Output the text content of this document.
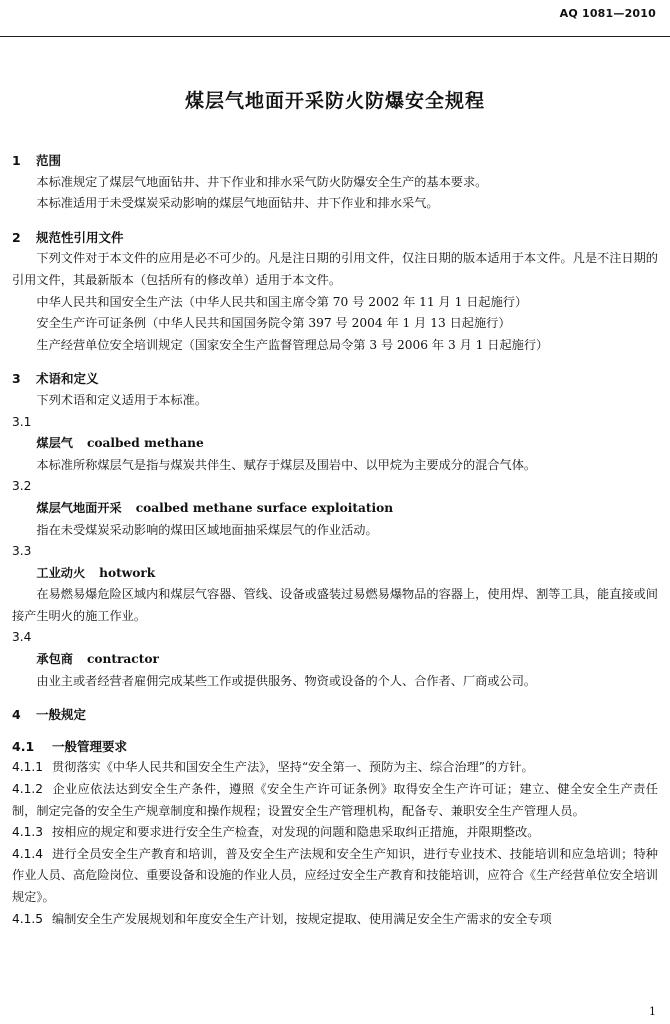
AQ 1081—2010
煤层气地面开采防火防爆安全规程
1 范围

本标准规定了煤层气地面钻井、井下作业和排水采气防火防爆安全生产的基本要求。

本标准适用于未受煤炭采动影响的煤层气地面钻井、井下作业和排水采气。

2 规范性引用文件

下列文件对于本文件的应用是必不可少的。凡是注日期的引用文件，仅注日期的版本适用于本文件。凡是不注日期的引用文件，其最新版本（包括所有的修改单）适用于本文件。

中华人民共和国安全生产法（中华人民共和国主席令第 70 号 2002 年 11 月 1 日起施行）

安全生产许可证条例（中华人民共和国国务院令第 397 号 2004 年 1 月 13 日起施行）

生产经营单位安全培训规定（国家安全生产监督管理总局令第 3 号 2006 年 3 月 1 日起施行）

3 术语和定义

下列术语和定义适用于本标准。

3.1
煤层气 coalbed methane

本标准所称煤层气是指与煤炭共伴生、赋存于煤层及围岩中、以甲烷为主要成分的混合气体。

3.2
煤层气地面开采 coalbed methane surface exploitation

指在未受煤炭采动影响的煤田区域地面抽采煤层气的作业活动。

3.3
工业动火 hotwork

在易燃易爆危险区域内和煤层气容器、管线、设备或盛装过易燃易爆物品的容器上，使用焊、割等工具，能直接或间接产生明火的施工作业。

3.4
承包商 contractor

由业主或者经营者雇佣完成某些工作或提供服务、物资或设备的个人、合作者、厂商或公司。

4 一般规定
4.1 一般管理要求

4.1.1 贯彻落实《中华人民共和国安全生产法》，坚持“安全第一、预防为主、综合治理”的方针。

4.1.2 企业应依法达到安全生产条件，遵照《安全生产许可证条例》取得安全生产许可证；建立、健全安全生产责任制，制定完备的安全生产规章制度和操作规程；设置安全生产管理机构，配备专、兼职安全生产管理人员。

4.1.3 按相应的规定和要求进行安全生产检查，对发现的问题和隐患采取纠正措施，并限期整改。

4.1.4 进行全员安全生产教育和培训，普及安全生产法规和安全生产知识，进行专业技术、技能培训和应急培训；特种作业人员、高危险岗位、重要设备和设施的作业人员，应经过安全生产教育和技能培训，应符合《生产经营单位安全培训规定》。

4.1.5 编制安全生产发展规划和年度安全生产计划，按规定提取、使用满足安全生产需求的安全专项

1
